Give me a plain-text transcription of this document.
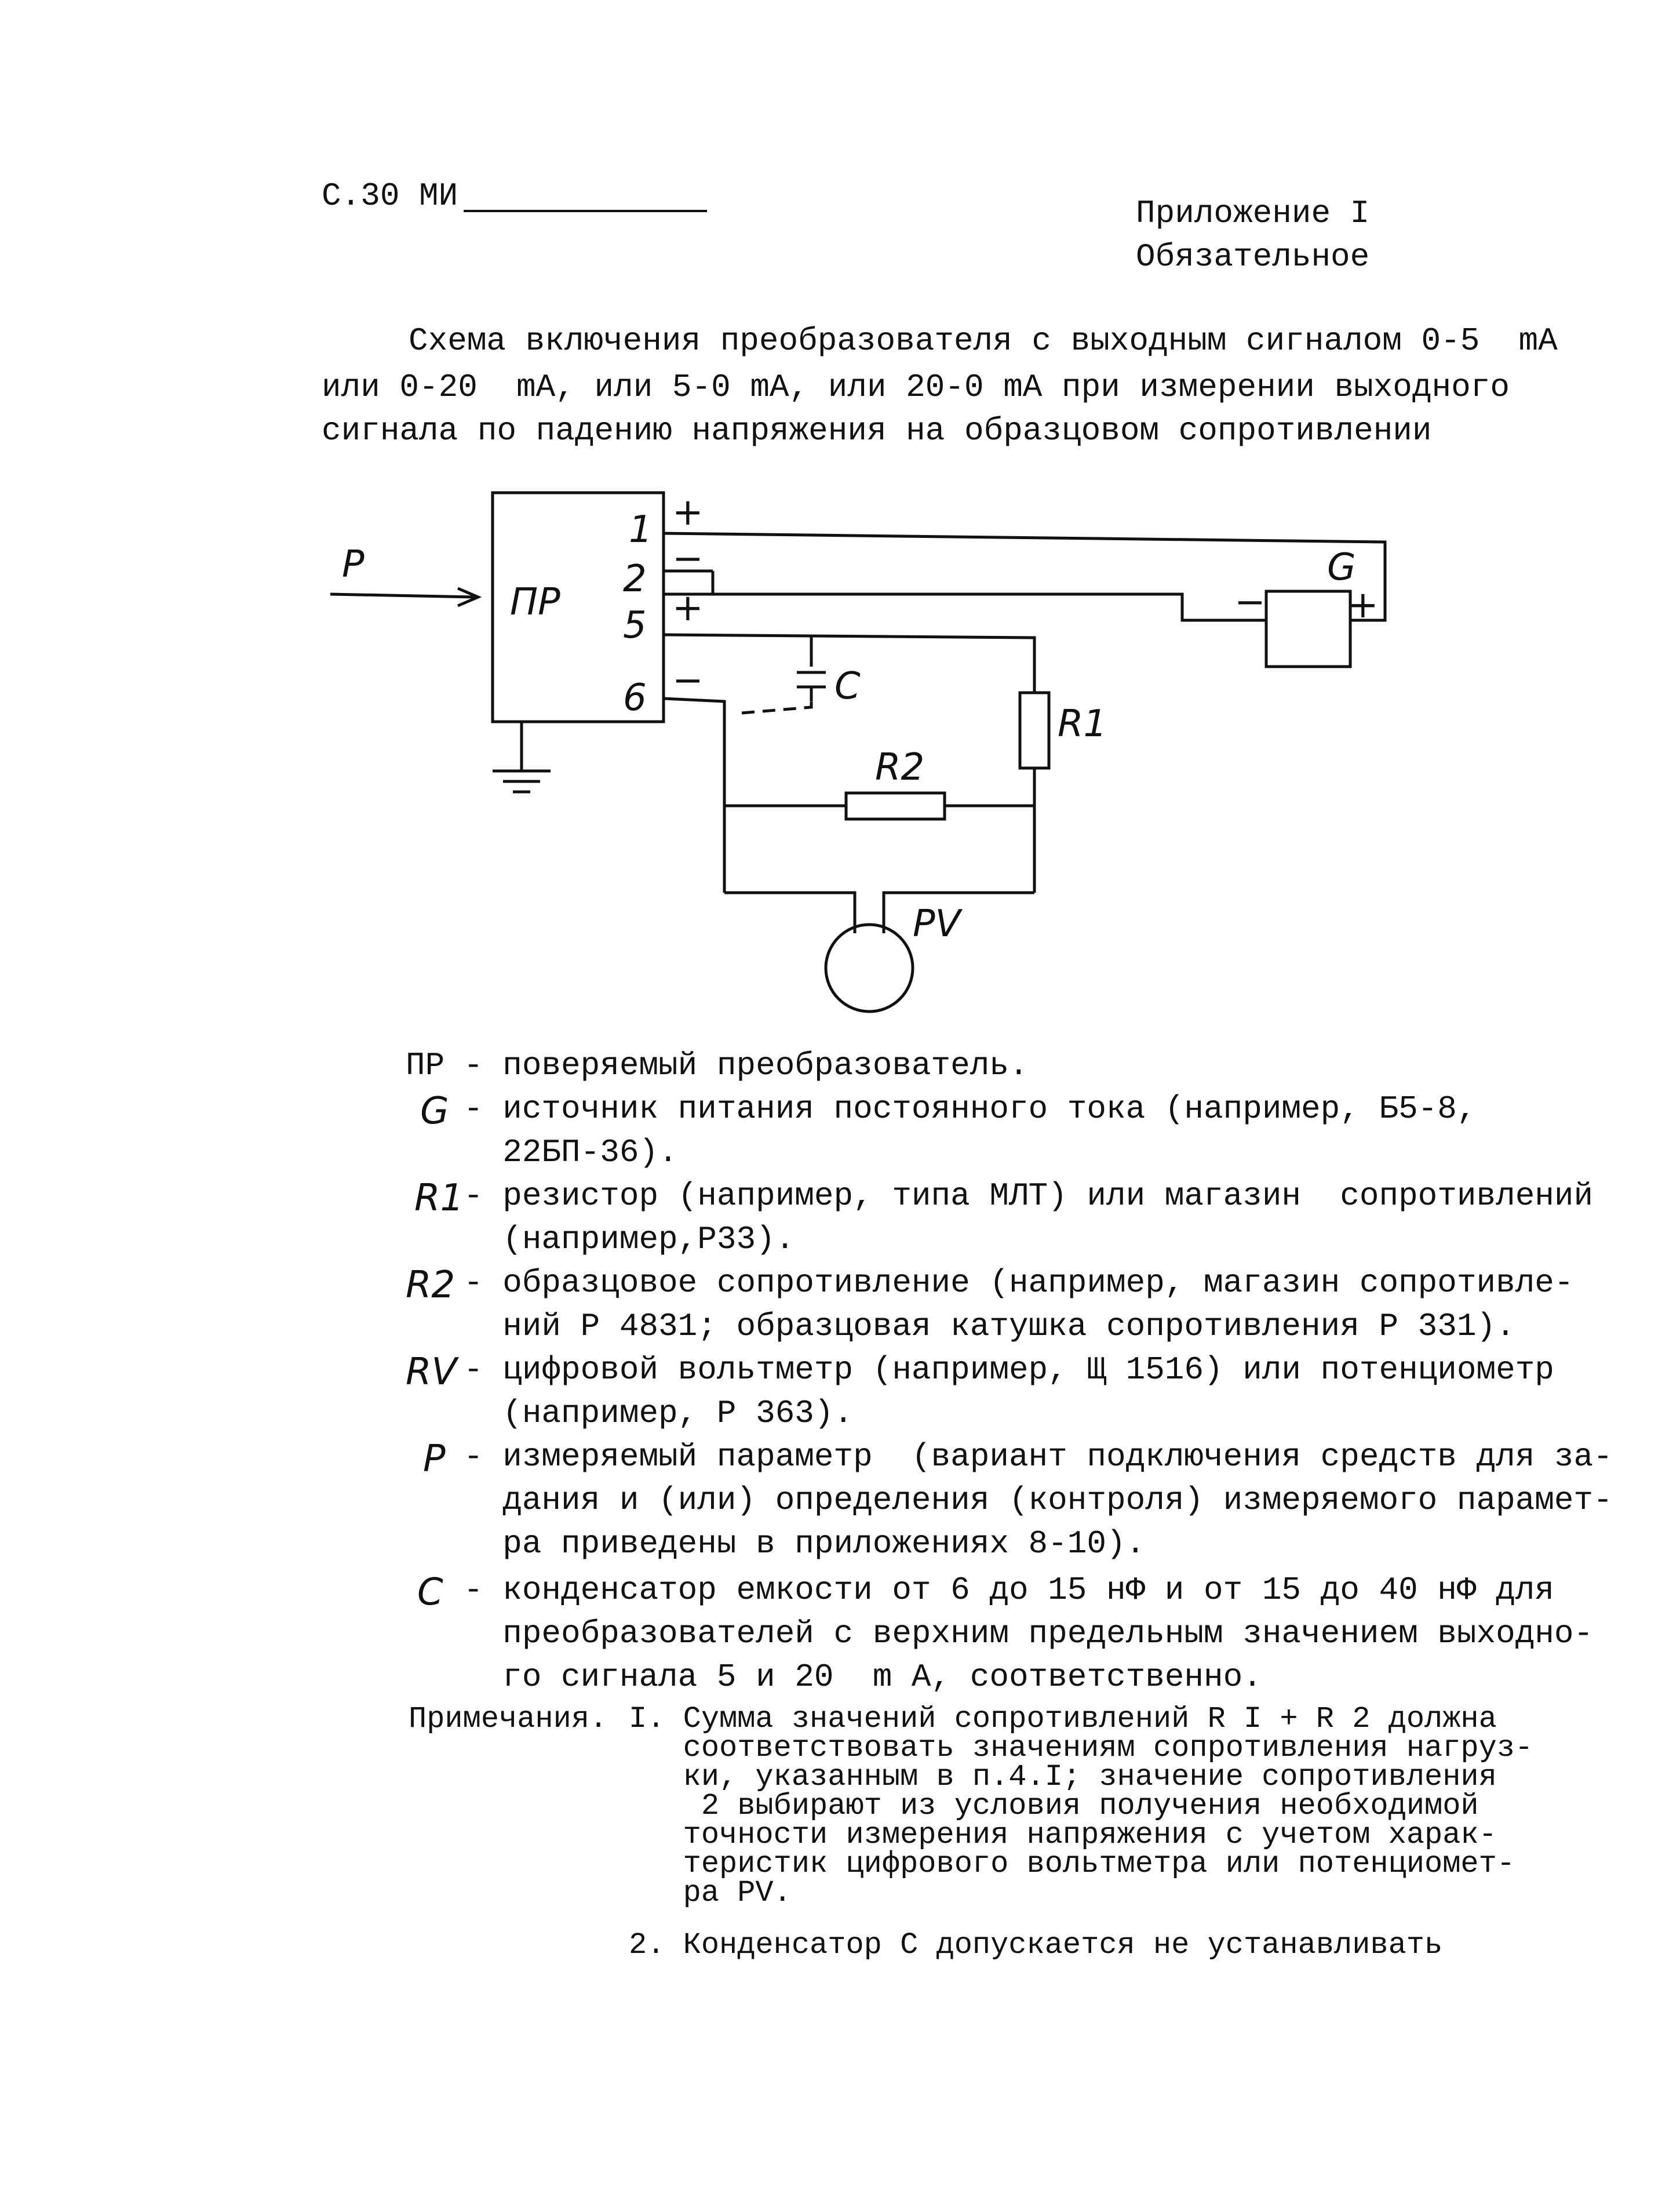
С.30 МИ	Приложение I
Обязательное
Схема включения преобразователя с выходным сигналом 0-5  mА
или 0-20  mА, или 5-0 mА, или 20-0 mА при измерении выходного
сигнала по падению напряжения на образцовом сопротивлении
P
ПР
1
2
5
6
+
−
+
−
G
− +
C
R1
R2
PV
ПР - поверяемый преобразователь.
G - источник питания постоянного тока (например, Б5-8,
22БП-36).
R1 - резистор (например, типа МЛТ) или магазин  сопротивлений
(например,Р33).
R2 - образцовое сопротивление (например, магазин сопротивле-
ний Р 4831; образцовая катушка сопротивления Р 331).
RV - цифровой вольтметр (например, Щ 1516) или потенциометр
(например, Р 363).
P - измеряемый параметр  (вариант подключения средств для за-
дания и (или) определения (контроля) измеряемого парамет-
ра приведены в приложениях 8-10).
C - конденсатор емкости от 6 до 15 нФ и от 15 до 40 нФ для
преобразователей с верхним предельным значением выходно-
го сигнала 5 и 20  m А, соответственно.
Примечания. I. Сумма значений сопротивлений R I + R 2 должна
соответствовать значениям сопротивления нагруз-
ки, указанным в п.4.I; значение сопротивления
2 выбирают из условия получения необходимой
точности измерения напряжения с учетом харак-
теристик цифрового вольтметра или потенциомет-
ра PV.
2. Конденсатор С допускается не устанавливать
